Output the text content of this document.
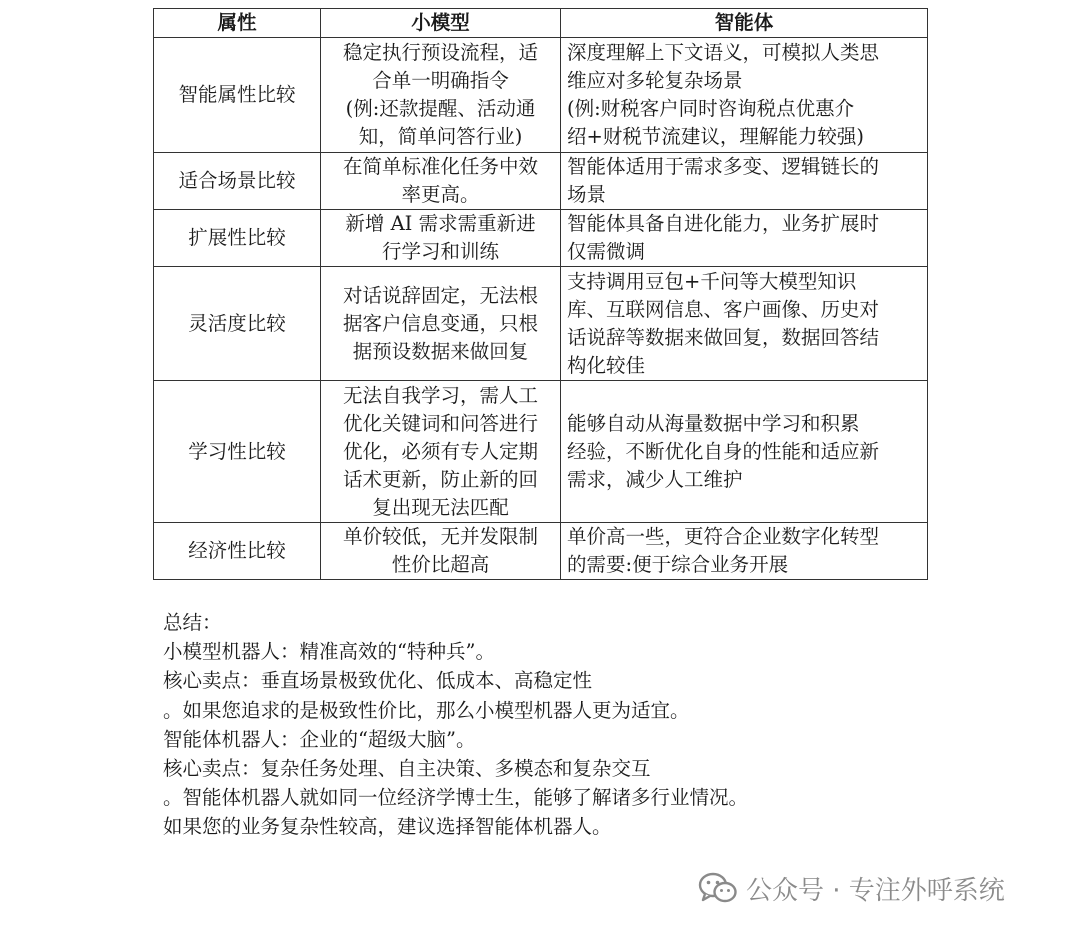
属性	小模型	智能体
智能属性比较	稳定执行预设流程，适
合单一明确指令
(例:还款提醒、活动通
知，简单问答行业)	深度理解上下文语义，可模拟人类思
维应对多轮复杂场景
(例:财税客户同时咨询税点优惠介
绍+财税节流建议，理解能力较强)

适合场景比较	在简单标准化任务中效
率更高。	智能体适用于需求多变、逻辑链长的
场景

扩展性比较	新增 AI 需求需重新进
行学习和训练	智能体具备自进化能力，业务扩展时
仅需微调

灵活度比较	对话说辞固定，无法根
据客户信息变通，只根
据预设数据来做回复	支持调用豆包+千问等大模型知识
库、互联网信息、客户画像、历史对
话说辞等数据来做回复，数据回答结
构化较佳

学习性比较	无法自我学习，需人工
优化关键词和问答进行
优化，必须有专人定期
话术更新，防止新的回
复出现无法匹配	能够自动从海量数据中学习和积累
经验，不断优化自身的性能和适应新
需求，减少人工维护

经济性比较	单价较低，无并发限制
性价比超高	单价高一些，更符合企业数字化转型
的需要:便于综合业务开展
总结：
小模型机器人：精准高效的“特种兵”。
核心卖点：垂直场景极致优化、低成本、高稳定性
。如果您追求的是极致性价比，那么小模型机器人更为适宜。
智能体机器人：企业的“超级大脑”。
核心卖点：复杂任务处理、自主决策、多模态和复杂交互
。智能体机器人就如同一位经济学博士生，能够了解诸多行业情况。
如果您的业务复杂性较高，建议选择智能体机器人。
公众号 · 专注外呼系统
